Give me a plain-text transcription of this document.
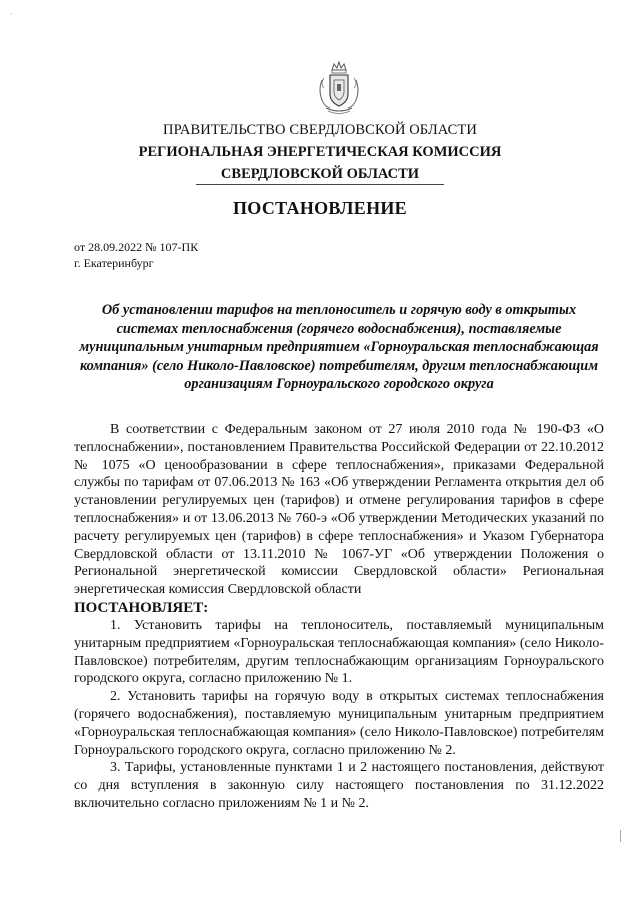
·
ПРАВИТЕЛЬСТВО СВЕРДЛОВСКОЙ ОБЛАСТИ
РЕГИОНАЛЬНАЯ ЭНЕРГЕТИЧЕСКАЯ КОМИССИЯ
СВЕРДЛОВСКОЙ ОБЛАСТИ
ПОСТАНОВЛЕНИЕ
от 28.09.2022 № 107-ПК
г. Екатеринбург
Об установлении тарифов на теплоноситель и горячую воду в открытых системах теплоснабжения (горячего водоснабжения), поставляемые муниципальным унитарным предприятием «Горноуральская теплоснабжающая компания» (село Николо-Павловское) потребителям, другим теплоснабжающим организациям Горноуральского городского округа

В соответствии с Федеральным законом от 27 июля 2010 года № 190-ФЗ «О теплоснабжении», постановлением Правительства Российской Федерации от 22.10.2012 № 1075 «О ценообразовании в сфере теплоснабжения», приказами Федеральной службы по тарифам от 07.06.2013 № 163 «Об утверждении Регламента открытия дел об установлении регулируемых цен (тарифов) и отмене регулирования тарифов в сфере теплоснабжения» и от 13.06.2013 № 760-э «Об утверждении Методических указаний по расчету регулируемых цен (тарифов) в сфере теплоснабжения» и Указом Губернатора Свердловской области от 13.11.2010 № 1067-УГ «Об утверждении Положения о Региональной энергетической комиссии Свердловской области» Региональная энергетическая комиссия Свердловской области

ПОСТАНОВЛЯЕТ:

1. Установить тарифы на теплоноситель, поставляемый муниципальным унитарным предприятием «Горноуральская теплоснабжающая компания» (село Николо-Павловское) потребителям, другим теплоснабжающим организациям Горноуральского городского округа, согласно приложению № 1.

2. Установить тарифы на горячую воду в открытых системах теплоснабжения (горячего водоснабжения), поставляемую муниципальным унитарным предприятием «Горноуральская теплоснабжающая компания» (село Николо-Павловское) потребителям Горноуральского городского округа, согласно приложению № 2.

3. Тарифы, установленные пунктами 1 и 2 настоящего постановления, действуют со дня вступления в законную силу настоящего постановления по 31.12.2022 включительно согласно приложениям № 1 и № 2.
